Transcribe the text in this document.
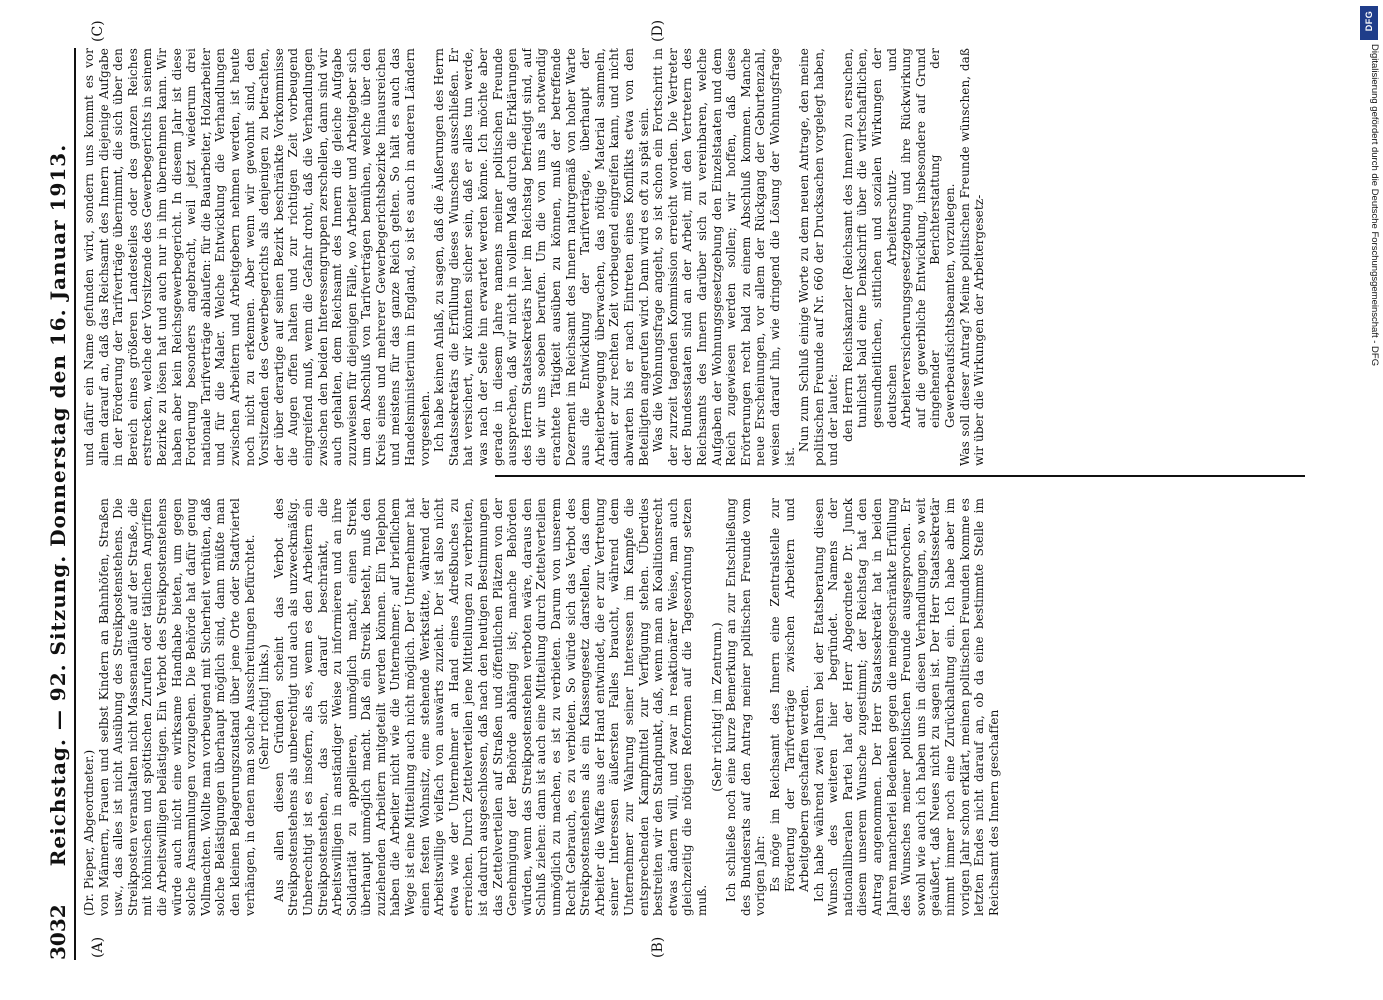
3032
Reichstag. — 92. Sitzung. Donnerstag den 16. Januar 1913.
(A)	(B)
(C)	(D)

(Dr. Pieper, Abgeordneter.) von Männern, Frauen und selbst Kindern an Bahnhöfen, Straßen usw., das alles ist nicht Ausübung des Streikpostenstehens. Die Streikposten veranstalten nicht Massenaufläufe auf der Straße, die mit höhnischen und spöttischen Zurufen oder tätlichen Angriffen die Arbeitswilligen belästigen. Ein Verbot des Streikpostenstehens würde auch nicht eine wirksame Handhabe bieten, um gegen solche Ansammlungen vorzugehen. Die Behörde hat dafür genug Vollmachten. Wollte man vorbeugend mit Sicherheit verhüten, daß solche Belästigungen überhaupt möglich sind, dann müßte man den kleinen Belagerungszustand über jene Orte oder Stadtviertel verhängen, in denen man solche Ausschreitungen befürchtet. (Sehr richtig! links.) Aus allen diesen Gründen scheint das Verbot des Streikpostenstehens als unberechtigt und auch als unzweckmäßig. Unberechtigt ist es insofern, als es, wenn es den Arbeitern ein Streikpostenstehen, das sich darauf beschränkt, die Arbeitswilligen in anständiger Weise zu informieren und an ihre Solidarität zu appellieren, unmöglich macht, einen Streik überhaupt unmöglich macht. Daß ein Streik besteht, muß den zuziehenden Arbeitern mitgeteilt werden können. Ein Telephon haben die Arbeiter nicht wie die Unternehmer; auf brieflichem Wege ist eine Mitteilung auch nicht möglich. Der Unternehmer hat einen festen Wohnsitz, eine stehende Werkstätte, während der Arbeitswillige vielfach von auswärts zuzieht. Der ist also nicht etwa wie der Unternehmer an Hand eines Adreßbuches zu erreichen. Durch Zettelverteilen jene Mitteilungen zu verbreiten, ist dadurch ausgeschlossen, daß nach den heutigen Bestimmungen das Zettelverteilen auf Straßen und öffentlichen Plätzen von der Genehmigung der Behörde abhängig ist; manche Behörden würden, wenn das Streikpostenstehen verboten wäre, daraus den Schluß ziehen: dann ist auch eine Mitteilung durch Zettelverteilen unmöglich zu machen, es ist zu verbieten. Darum von unserem Recht Gebrauch, es zu verbieten. So würde sich das Verbot des Streikpostenstehens als ein Klassengesetz darstellen, das dem Arbeiter die Waffe aus der Hand entwindet, die er zur Vertretung seiner Interessen äußersten Falles braucht, während dem Unternehmer zur Wahrung seiner Interessen im Kampfe die entsprechenden Kampfmittel zur Verfügung stehen. Überdies bestreiten wir den Standpunkt, daß, wenn man an Koalitionsrecht etwas ändern will, und zwar in reaktionärer Weise, man auch gleichzeitig die nötigen Reformen auf die Tagesordnung setzen muß.

(Sehr richtig! im Zentrum.) Ich schließe noch eine kurze Bemerkung an zur Entschließung des Bundesrats auf den Antrag meiner politischen Freunde vom vorigen Jahr: Es möge im Reichsamt des Innern eine Zentralstelle zur Förderung der Tarifverträge zwischen Arbeitern und Arbeitgebern geschaffen werden. Ich habe während zwei Jahren bei der Etatsberatung diesen Wunsch des weiteren hier begründet. Namens der nationalliberalen Partei hat der Herr Abgeordnete Dr. Junck diesem unserem Wunsche zugestimmt; der Reichstag hat den Antrag angenommen. Der Herr Staatssekretär hat in beiden Jahren mancherlei Bedenken gegen die meingeschränkte Erfüllung des Wunsches meiner politischen Freunde ausgesprochen. Er sowohl wie auch ich haben uns in diesen Verhandlungen, so weit geäußert, daß Neues nicht zu sagen ist. Der Herr Staatssekretär nimmt immer noch eine Zurückhaltung ein. Ich habe aber im vorigen Jahr schon erklärt, meinen politischen Freunden komme es letzten Endes nicht darauf an, ob da eine bestimmte Stelle im Reichsamt des Innern geschaffen

und dafür ein Name gefunden wird, sondern uns kommt es vor allem darauf an, daß das Reichsamt des Innern diejenige Aufgabe in der Förderung der Tarifverträge übernimmt, die sich über den Bereich eines größeren Landesteiles oder des ganzen Reiches erstrecken, welche der Vorsitzende des Gewerbegerichts in seinem Bezirke zu lösen hat und auch nur in ihm übernehmen kann. Wir haben aber kein Reichsgewerbegericht. In diesem Jahr ist diese Forderung besonders angebracht, weil jetzt wiederum drei nationale Tarifverträge ablaufen: für die Bauarbeiter, Holzarbeiter und für die Maler. Welche Entwicklung die Verhandlungen zwischen Arbeitern und Arbeitgebern nehmen werden, ist heute noch nicht zu erkennen. Aber wenn wir gewohnt sind, den Vorsitzenden des Gewerbegerichts als denjenigen zu betrachten, der über derartige auf seinen Bezirk beschränkte Vorkommnisse die Augen offen halten und zur richtigen Zeit vorbeugend eingreifend muß, wenn die Gefahr droht, daß die Verhandlungen zwischen den beiden Interessengruppen zerschellen, dann sind wir auch gehalten, dem Reichsamt des Innern die gleiche Aufgabe zuzuweisen für diejenigen Fälle, wo Arbeiter und Arbeitgeber sich um den Abschluß von Tarifverträgen bemühen, welche über den Kreis eines und mehrerer Gewerbegerichtsbezirke hinausreichen und meistens für das ganze Reich gelten. So hält es auch das Handelsministerium in England, so ist es auch in anderen Ländern vorgesehen. Ich habe keinen Anlaß, zu sagen, daß die Äußerungen des Herrn Staatssekretärs die Erfüllung dieses Wunsches ausschließen. Er hat versichert, wir könnten sicher sein, daß er alles tun werde, was nach der Seite hin erwartet werden könne. Ich möchte aber gerade in diesem Jahre namens meiner politischen Freunde aussprechen, daß wir nicht in vollem Maß durch die Erklärungen des Herrn Staatssekretärs hier im Reichstag befriedigt sind, auf die wir uns soeben berufen. Um die von uns als notwendig erachtete Tätigkeit ausüben zu können, muß der betreffende Dezernent im Reichsamt des Innern naturgemäß von hoher Warte aus die Entwicklung der Tarifverträge, überhaupt der Arbeiterbewegung überwachen, das nötige Material sammeln, damit er zur rechten Zeit vorbeugend eingreifen kann, und nicht abwarten bis er nach Eintreten eines Konflikts etwa von den Beteiligten angerufen wird. Dann wird es oft zu spät sein. Was die Wohnungsfrage angeht, so ist schon ein Fortschritt in der zurzeit tagenden Kommission erreicht worden. Die Vertreter der Bundesstaaten sind an der Arbeit, mit den Vertretern des Reichsamts des Innern darüber sich zu vereinbaren, welche Aufgaben der Wohnungsgesetzgebung den Einzelstaaten und dem Reich zugewiesen werden sollen; wir hoffen, daß diese Erörterungen recht bald zu einem Abschluß kommen. Manche neue Erscheinungen, vor allem der Rückgang der Geburtenzahl, weisen darauf hin, wie dringend die Lösung der Wohnungsfrage ist.

Nun zum Schluß einige Worte zu dem neuen Antrage, den meine politischen Freunde auf Nr. 660 der Drucksachen vorgelegt haben, und der lautet: den Herrn Reichskanzler (Reichsamt des Innern) zu ersuchen, tunlichst bald eine Denkschrift über die wirtschaftlichen, gesundheitlichen, sittlichen und sozialen Wirkungen der deutschen Arbeiterschutz- und Arbeiterversicherungsgesetzgebung und ihre Rückwirkung auf die gewerbliche Entwicklung, insbesondere auf Grund eingehender Berichterstattung der Gewerbeaufsichtsbeamten, vorzulegen. Was soll dieser Antrag? Meine politischen Freunde wünschen, daß wir über die Wirkungen der Arbeitergesetz-

DFG
Digitalisierung gefördert durch die Deutsche Forschungsgemeinschaft - DFG
